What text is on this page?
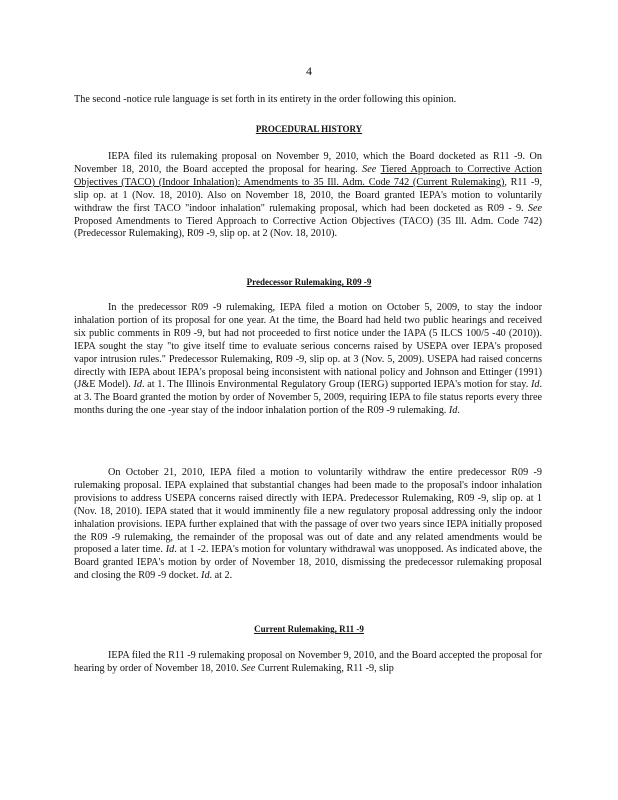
4

The second -notice rule language is set forth in its entirety in the order following this opinion.

PROCEDURAL HISTORY

IEPA filed its rulemaking proposal on November 9, 2010, which the Board docketed as R11 -9. On November 18, 2010, the Board accepted the proposal for hearing. See Tiered Approach to Corrective Action Objectives (TACO) (Indoor Inhalation): Amendments to 35 Ill. Adm. Code 742 (Current Rulemaking), R11 -9, slip op. at 1 (Nov. 18, 2010). Also on November 18, 2010, the Board granted IEPA's motion to voluntarily withdraw the first TACO "indoor inhalation" rulemaking proposal, which had been docketed as R09 - 9. See Proposed Amendments to Tiered Approach to Corrective Action Objectives (TACO) (35 Ill. Adm. Code 742) (Predecessor Rulemaking), R09 -9, slip op. at 2 (Nov. 18, 2010).

Predecessor Rulemaking, R09 -9

In the predecessor R09 -9 rulemaking, IEPA filed a motion on October 5, 2009, to stay the indoor inhalation portion of its proposal for one year. At the time, the Board had held two public hearings and received six public comments in R09 -9, but had not proceeded to first notice under the IAPA (5 ILCS 100/5 -40 (2010)). IEPA sought the stay "to give itself time to evaluate serious concerns raised by USEPA over IEPA's proposed vapor intrusion rules." Predecessor Rulemaking, R09 -9, slip op. at 3 (Nov. 5, 2009). USEPA had raised concerns directly with IEPA about IEPA's proposal being inconsistent with national policy and Johnson and Ettinger (1991) (J&E Model). Id. at 1. The Illinois Environmental Regulatory Group (IERG) supported IEPA's motion for stay. Id. at 3. The Board granted the motion by order of November 5, 2009, requiring IEPA to file status reports every three months during the one -year stay of the indoor inhalation portion of the R09 -9 rulemaking. Id.

On October 21, 2010, IEPA filed a motion to voluntarily withdraw the entire predecessor R09 -9 rulemaking proposal. IEPA explained that substantial changes had been made to the proposal's indoor inhalation provisions to address USEPA concerns raised directly with IEPA. Predecessor Rulemaking, R09 -9, slip op. at 1 (Nov. 18, 2010). IEPA stated that it would imminently file a new regulatory proposal addressing only the indoor inhalation provisions. IEPA further explained that with the passage of over two years since IEPA initially proposed the R09 -9 rulemaking, the remainder of the proposal was out of date and any related amendments would be proposed a later time. Id. at 1 -2. IEPA's motion for voluntary withdrawal was unopposed. As indicated above, the Board granted IEPA's motion by order of November 18, 2010, dismissing the predecessor rulemaking proposal and closing the R09 -9 docket. Id. at 2.

Current Rulemaking, R11 -9

IEPA filed the R11 -9 rulemaking proposal on November 9, 2010, and the Board accepted the proposal for hearing by order of November 18, 2010. See Current Rulemaking, R11 -9, slip
